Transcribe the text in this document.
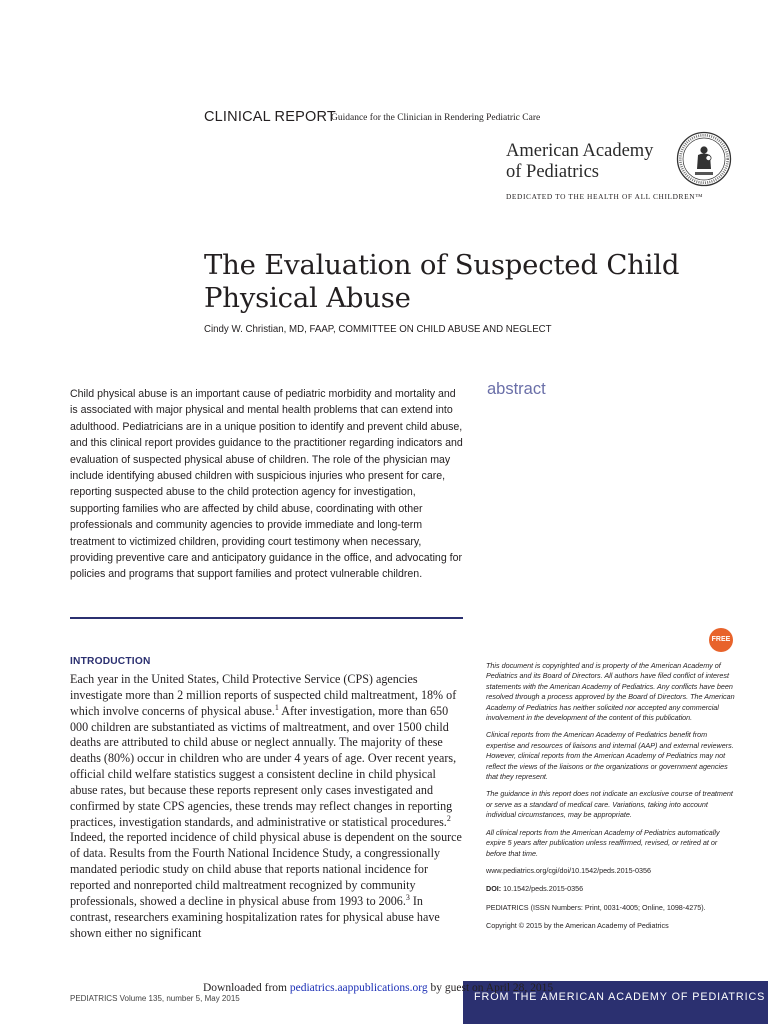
CLINICAL REPORT
Guidance for the Clinician in Rendering Pediatric Care
American Academy
of Pediatrics
DEDICATED TO THE HEALTH OF ALL CHILDREN™
The Evaluation of Suspected Child
Physical Abuse
Cindy W. Christian, MD, FAAP, COMMITTEE ON CHILD ABUSE AND NEGLECT

Child physical abuse is an important cause of pediatric morbidity and mortality and is associated with major physical and mental health problems that can extend into adulthood. Pediatricians are in a unique position to identify and prevent child abuse, and this clinical report provides guidance to the practitioner regarding indicators and evaluation of suspected physical abuse of children. The role of the physician may include identifying abused children with suspicious injuries who present for care, reporting suspected abuse to the child protection agency for investigation, supporting families who are affected by child abuse, coordinating with other professionals and community agencies to provide immediate and long-term treatment to victimized children, providing court testimony when necessary, providing preventive care and anticipatory guidance in the office, and advocating for policies and programs that support families and protect vulnerable children.

abstract
FREE
INTRODUCTION

Each year in the United States, Child Protective Service (CPS) agencies investigate more than 2 million reports of suspected child maltreatment, 18% of which involve concerns of physical abuse.$^1$ After investigation, more than 650 000 children are substantiated as victims of maltreatment, and over 1500 child deaths are attributed to child abuse or neglect annually. The majority of these deaths (80%) occur in children who are under 4 years of age. Over recent years, official child welfare statistics suggest a consistent decline in child physical abuse rates, but because these reports represent only cases investigated and confirmed by state CPS agencies, these trends may reflect changes in reporting practices, investigation standards, and administrative or statistical procedures.$^2$ Indeed, the reported incidence of child physical abuse is dependent on the source of data. Results from the Fourth National Incidence Study, a congressionally mandated periodic study on child abuse that reports national incidence for reported and nonreported child maltreatment recognized by community professionals, showed a decline in physical abuse from 1993 to 2006.$^3$ In contrast, researchers examining hospitalization rates for physical abuse have shown either no significant

This document is copyrighted and is property of the American Academy of Pediatrics and its Board of Directors. All authors have filed conflict of interest statements with the American Academy of Pediatrics. Any conflicts have been resolved through a process approved by the Board of Directors. The American Academy of Pediatrics has neither solicited nor accepted any commercial involvement in the development of the content of this publication.

Clinical reports from the American Academy of Pediatrics benefit from expertise and resources of liaisons and internal (AAP) and external reviewers. However, clinical reports from the American Academy of Pediatrics may not reflect the views of the liaisons or the organizations or government agencies that they represent.

The guidance in this report does not indicate an exclusive course of treatment or serve as a standard of medical care. Variations, taking into account individual circumstances, may be appropriate.

All clinical reports from the American Academy of Pediatrics automatically expire 5 years after publication unless reaffirmed, revised, or retired at or before that time.

www.pediatrics.org/cgi/doi/10.1542/peds.2015-0356

DOI: 10.1542/peds.2015-0356

PEDIATRICS (ISSN Numbers: Print, 0031-4005; Online, 1098-4275).

Copyright © 2015 by the American Academy of Pediatrics

FROM THE AMERICAN ACADEMY OF PEDIATRICS
PEDIATRICS Volume 135, number 5, May 2015
Downloaded from pediatrics.aappublications.org by guest on April 28, 2015
